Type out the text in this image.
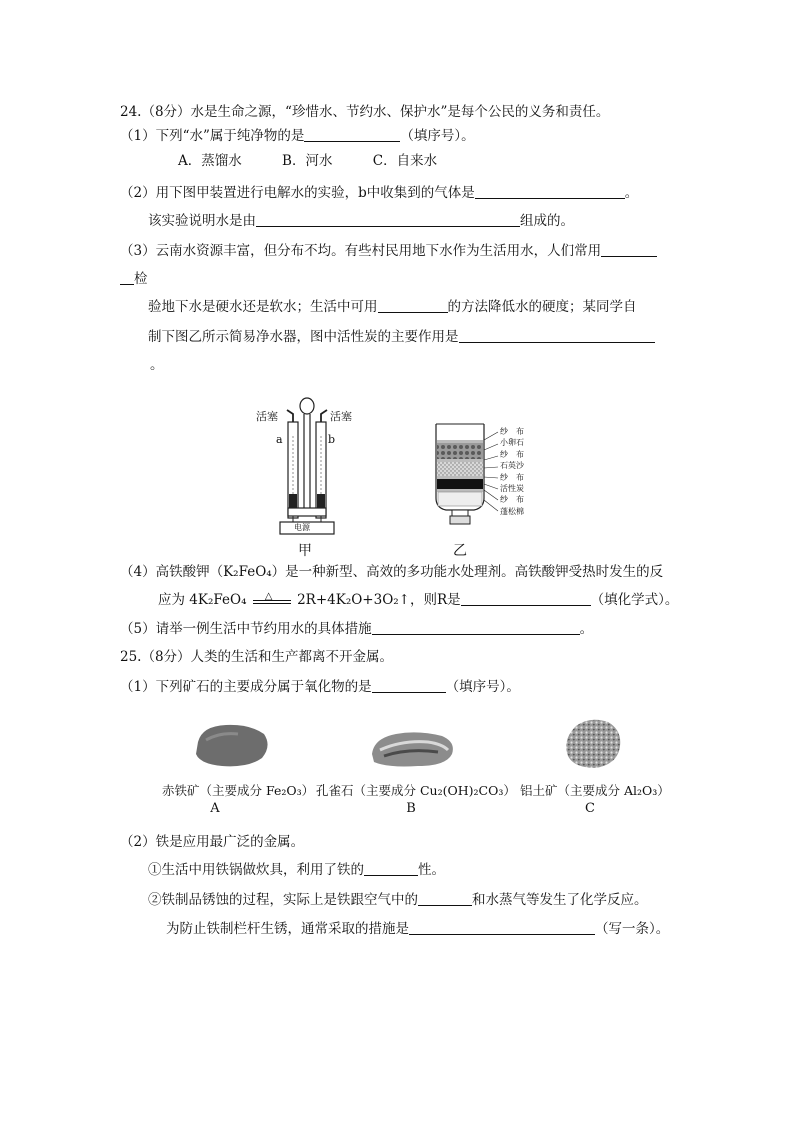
24.（8分）水是生命之源，“珍惜水、节约水、保护水”是每个公民的义务和责任。
（1）下列“水”属于纯净物的是	（填序号）。
A．蒸馏水	B．河水	C．自来水
（2）用下图甲装置进行电解水的实验，b中收集到的气体是	。
该实验说明水是由	组成的。
（3）云南水资源丰富，但分布不均。有些村民用地下水作为生活用水，人们常用
检
验地下水是硬水还是软水；生活中可用	的方法降低水的硬度；某同学自
制下图乙所示简易净水器，图中活性炭的主要作用是
。
活塞	活塞
a	b
电源
甲
纱　布
小卵石
纱　布
石英沙
纱　布
活性炭
纱　布
蓬松棉
乙
（4）高铁酸钾（K₂FeO₄）是一种新型、高效的多功能水处理剂。高铁酸钾受热时发生的反
应为 4K₂FeO₄ △ 2R+4K₂O+3O₂↑，则R是	（填化学式）。
（5）请举一例生活中节约用水的具体措施	。
25.（8分）人类的生活和生产都离不开金属。
（1）下列矿石的主要成分属于氧化物的是	（填序号）。
赤铁矿（主要成分 Fe₂O₃） 孔雀石（主要成分 Cu₂(OH)₂CO₃） 铝土矿（主要成分 Al₂O₃）
A	B	C
（2）铁是应用最广泛的金属。
①生活中用铁锅做炊具，利用了铁的	性。
②铁制品锈蚀的过程，实际上是铁跟空气中的	和水蒸气等发生了化学反应。
为防止铁制栏杆生锈，通常采取的措施是	（写一条）。
